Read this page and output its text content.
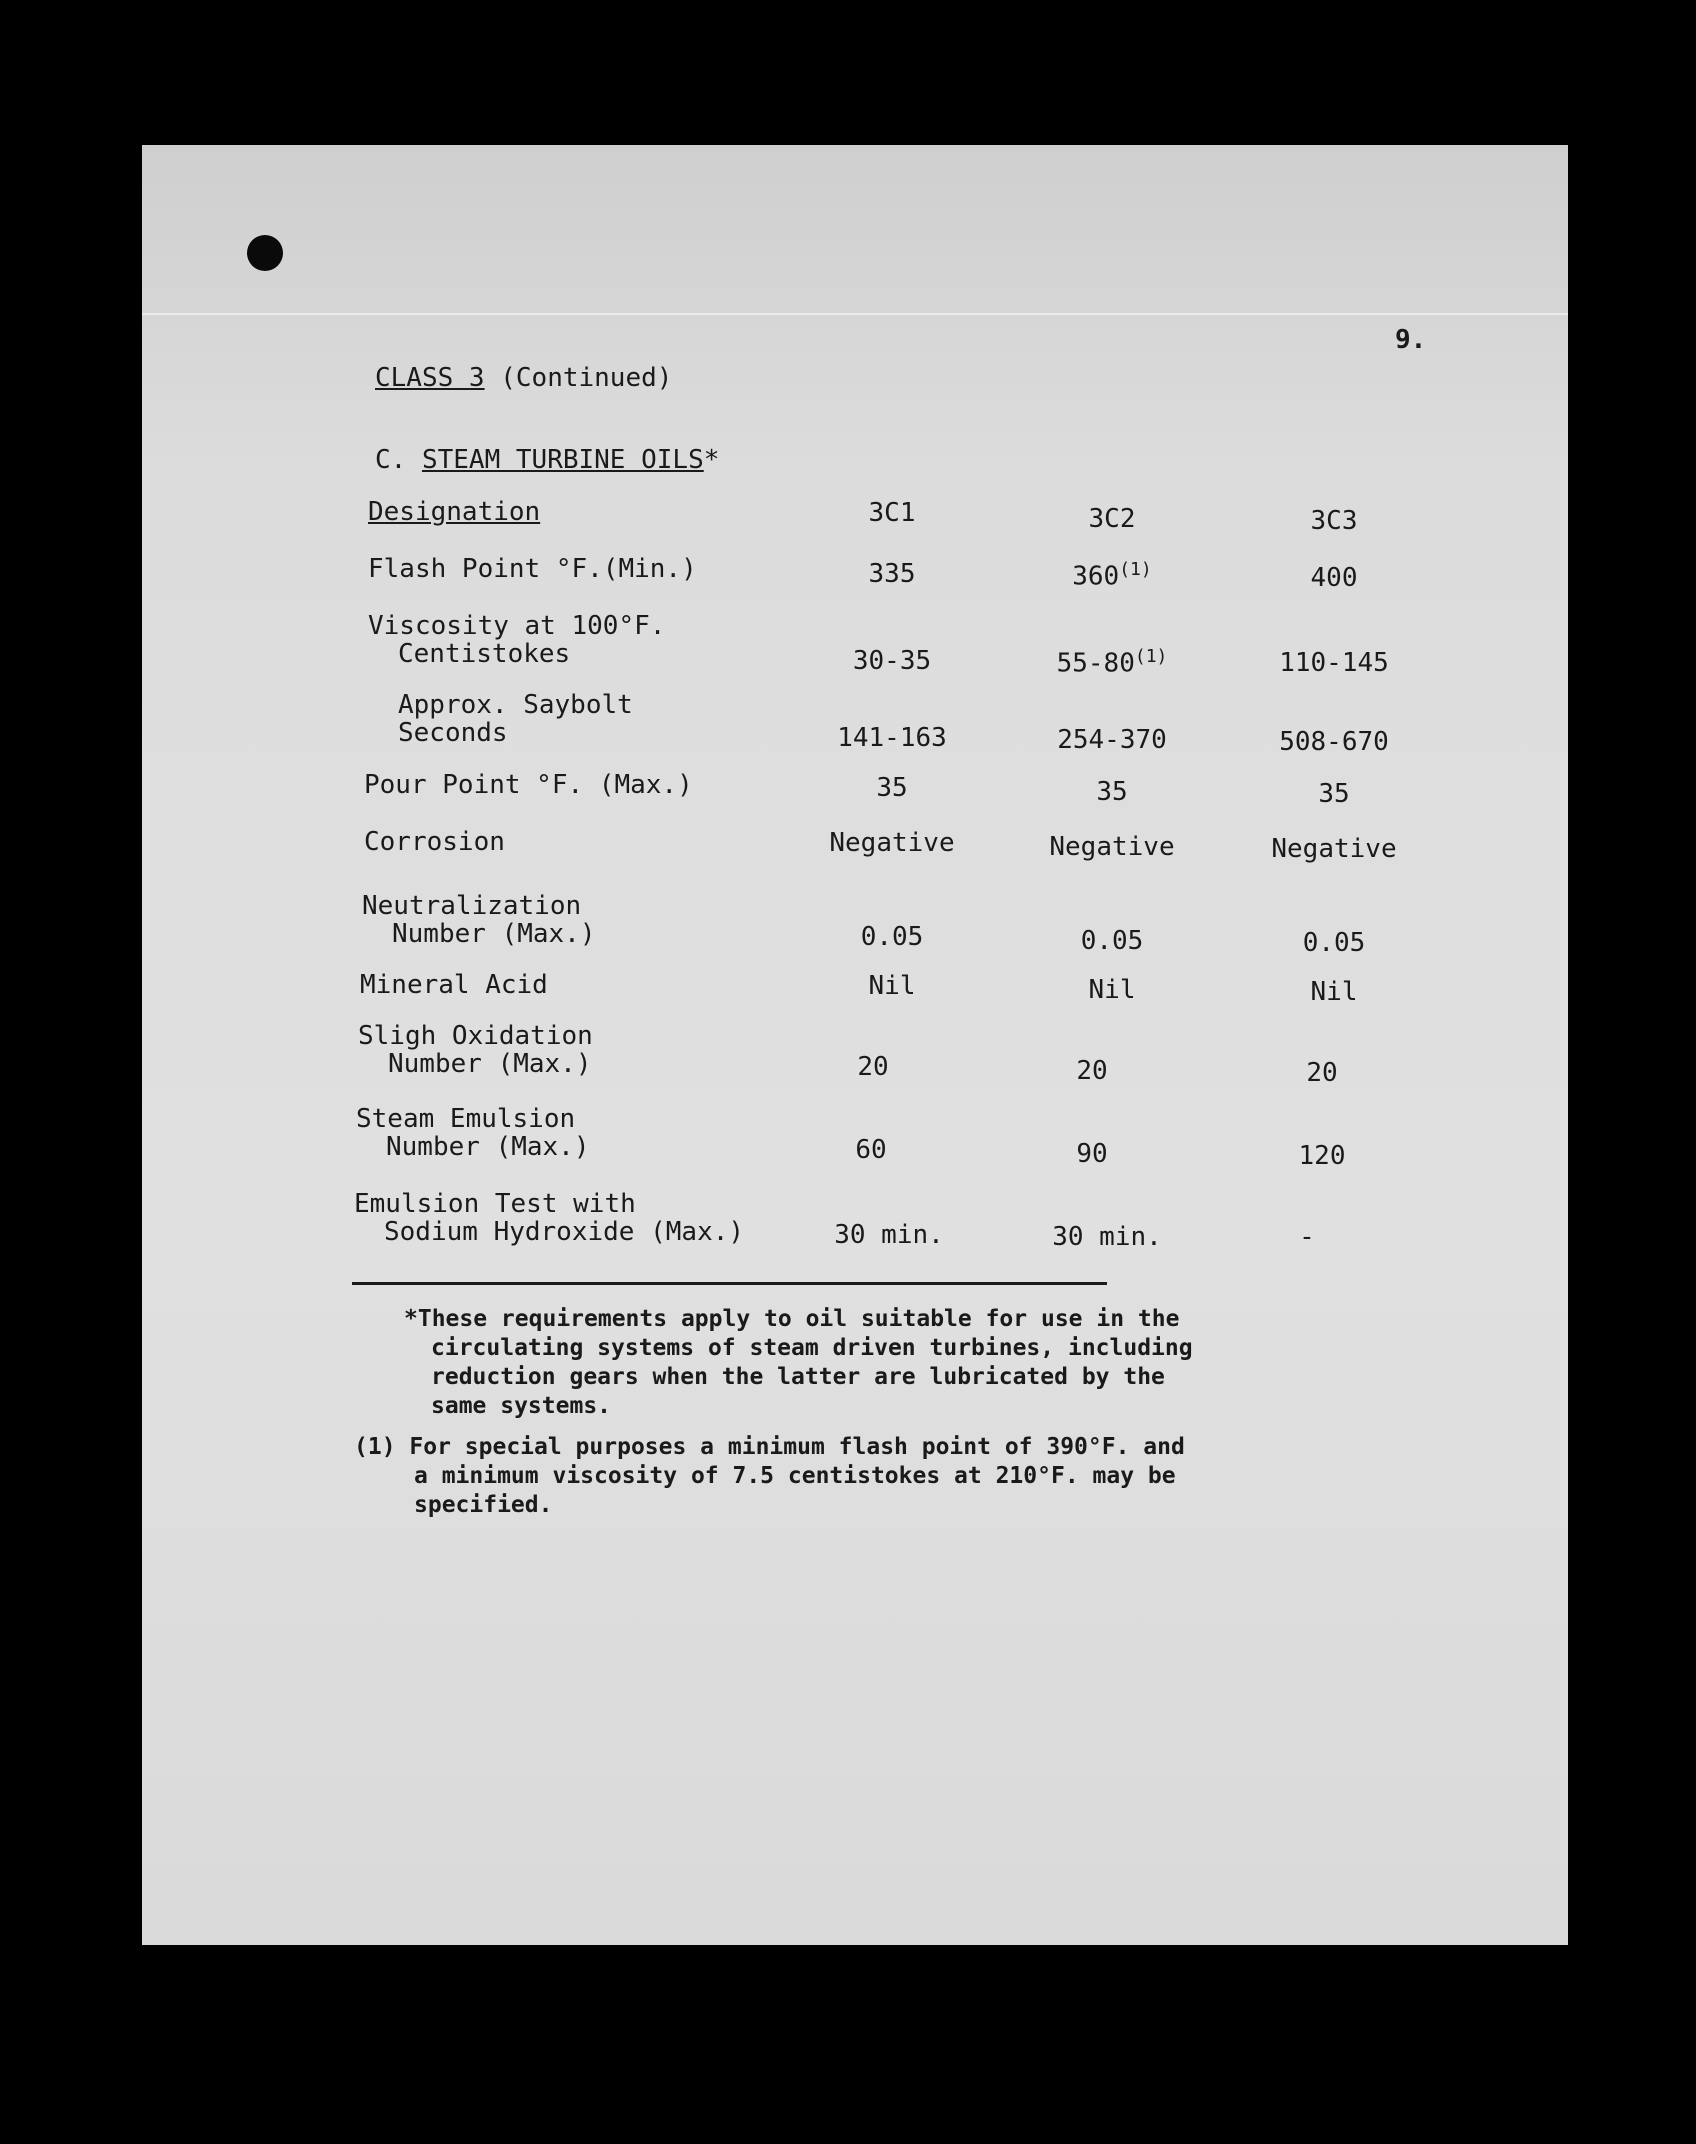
9.
CLASS 3 (Continued)
C. STEAM TURBINE OILS*
Designation	3C1	3C2	3C3
Flash Point °F.(Min.)	335	360$^{(1)}$	400
Viscosity at 100°F.
Centistokes	30-35	55-80$^{(1)}$	110-145
Approx. Saybolt
Seconds	141-163	254-370	508-670
Pour Point °F. (Max.)	35	35	35
Corrosion	Negative	Negative	Negative
Neutralization
Number (Max.)	0.05	0.05	0.05
Mineral Acid	Nil	Nil	Nil
Sligh Oxidation
Number (Max.)	20	20	20
Steam Emulsion
Number (Max.)	60	90	120
Emulsion Test with
Sodium Hydroxide (Max.)	30 min.	30 min.	-
*These requirements apply to oil suitable for use in the
circulating systems of steam driven turbines, including
reduction gears when the latter are lubricated by the
same systems.
(1) For special purposes a minimum flash point of 390°F. and
a minimum viscosity of 7.5 centistokes at 210°F. may be
specified.
